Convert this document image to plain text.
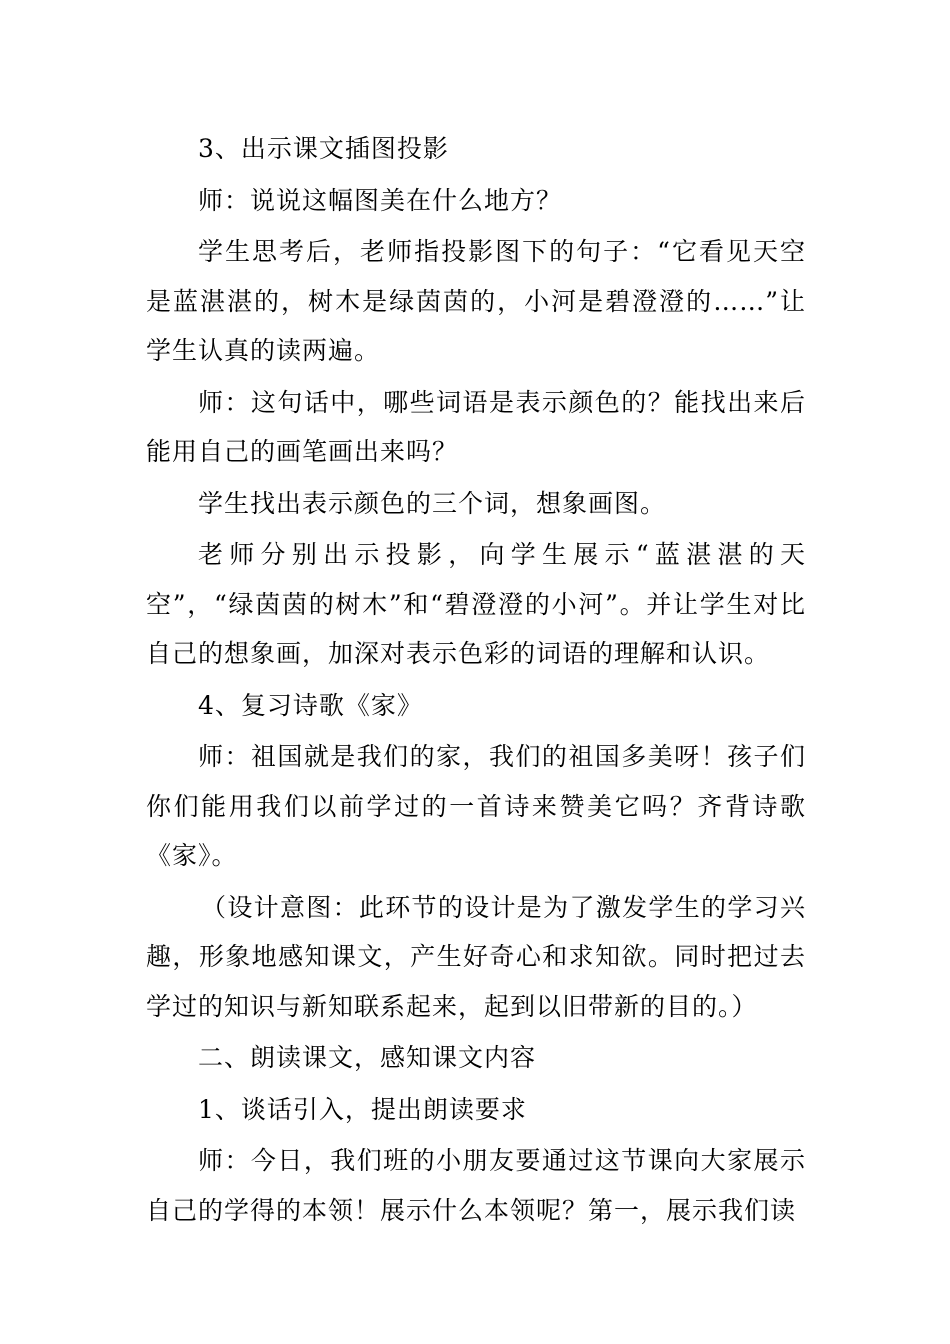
3、出示课文插图投影

师：说说这幅图美在什么地方？

学生思考后，老师指投影图下的句子：“它看见天空是蓝湛湛的，树木是绿茵茵的，小河是碧澄澄的……”让学生认真的读两遍。

师：这句话中，哪些词语是表示颜色的？能找出来后能用自己的画笔画出来吗？

学生找出表示颜色的三个词，想象画图。

老师分别出示投影，向学生展示“蓝湛湛的天空”，“绿茵茵的树木”和“碧澄澄的小河”。并让学生对比自己的想象画，加深对表示色彩的词语的理解和认识。

4、复习诗歌《家》

师：祖国就是我们的家，我们的祖国多美呀！孩子们你们能用我们以前学过的一首诗来赞美它吗？齐背诗歌《家》。

（设计意图：此环节的设计是为了激发学生的学习兴趣，形象地感知课文，产生好奇心和求知欲。同时把过去学过的知识与新知联系起来，起到以旧带新的目的。）

二、朗读课文，感知课文内容

1、谈话引入，提出朗读要求

师：今日，我们班的小朋友要通过这节课向大家展示自己的学得的本领！展示什么本领呢？第一，展示我们读
